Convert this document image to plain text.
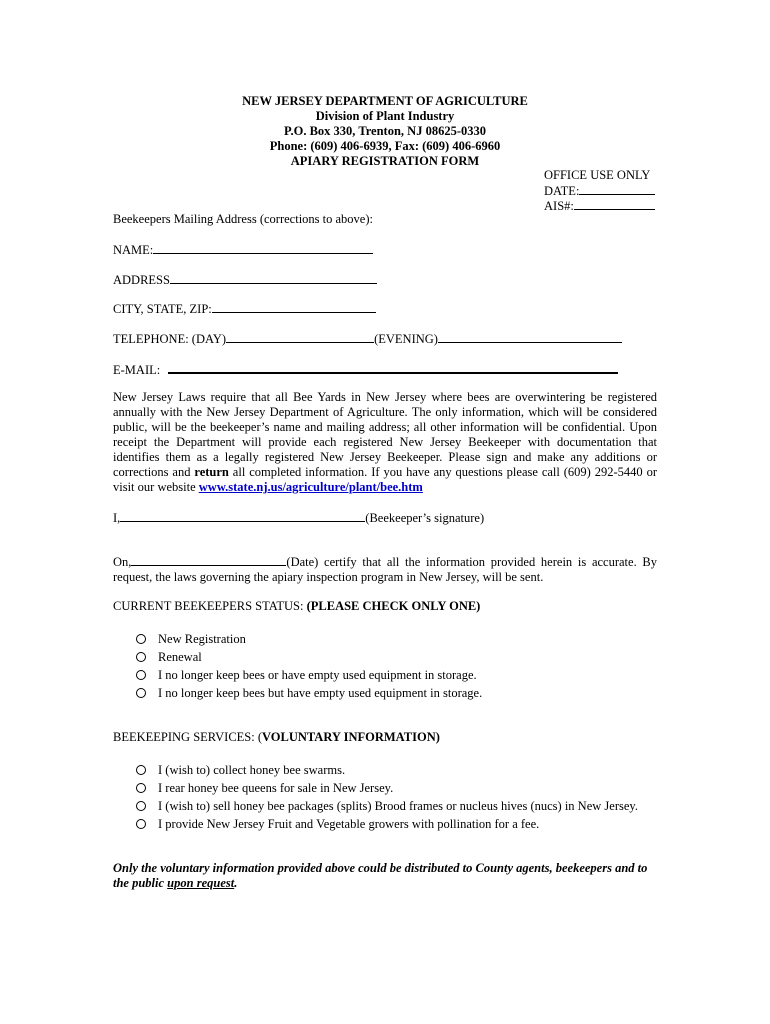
NEW JERSEY DEPARTMENT OF AGRICULTURE
Division of Plant Industry
P.O. Box 330, Trenton, NJ 08625-0330
Phone: (609) 406-6939, Fax: (609) 406-6960
APIARY REGISTRATION FORM
OFFICE USE ONLY
DATE:
AIS#:
Beekeepers Mailing Address (corrections to above):
NAME:
ADDRESS
CITY, STATE, ZIP:
TELEPHONE: (DAY)	(EVENING)
E-MAIL:
New Jersey Laws require that all Bee Yards in New Jersey where bees are overwintering be registered annually with the New Jersey Department of Agriculture. The only information, which will be considered public, will be the beekeeper’s name and mailing address; all other information will be confidential. Upon receipt the Department will provide each registered New Jersey Beekeeper with documentation that identifies them as a legally registered New Jersey Beekeeper. Please sign and make any additions or corrections and return all completed information. If you have any questions please call (609) 292-5440 or visit our website www.state.nj.us/agriculture/plant/bee.htm
I,	(Beekeeper’s signature)
On,	(Date) certify that all the information provided herein is accurate. By request, the laws governing the apiary inspection program in New Jersey, will be sent.
CURRENT BEEKEEPERS STATUS: (PLEASE CHECK ONLY ONE)
New Registration
Renewal
I no longer keep bees or have empty used equipment in storage.
I no longer keep bees but have empty used equipment in storage.
BEEKEEPING SERVICES: (VOLUNTARY INFORMATION)
I (wish to) collect honey bee swarms.
I rear honey bee queens for sale in New Jersey.
I (wish to) sell honey bee packages (splits) Brood frames or nucleus hives (nucs) in New Jersey.
I provide New Jersey Fruit and Vegetable growers with pollination for a fee.
Only the voluntary information provided above could be distributed to County agents, beekeepers and to the public upon request.
